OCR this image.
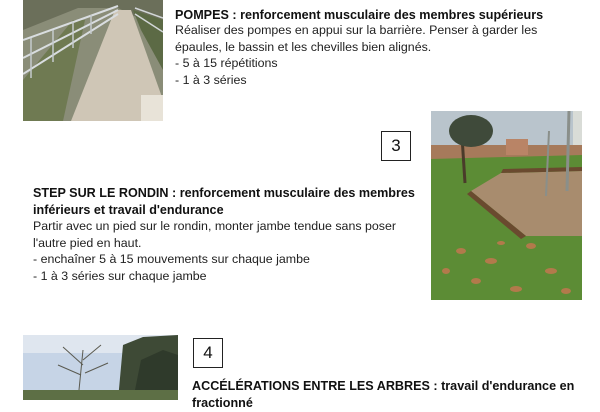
POMPES : renforcement musculaire des membres supérieurs
Réaliser des pompes en appui sur la barrière. Penser à garder les
épaules, le bassin et les chevilles bien alignés.
- 5 à 15 répétitions
- 1 à 3 séries
3
STEP SUR LE RONDIN : renforcement musculaire des membres
inférieurs et travail d'endurance
Partir avec un pied sur le rondin, monter jambe tendue sans poser
l'autre pied en haut.
- enchaîner 5 à 15 mouvements sur chaque jambe
- 1 à 3 séries sur chaque jambe
4
ACCÉLÉRATIONS ENTRE LES ARBRES : travail d'endurance en
fractionné
